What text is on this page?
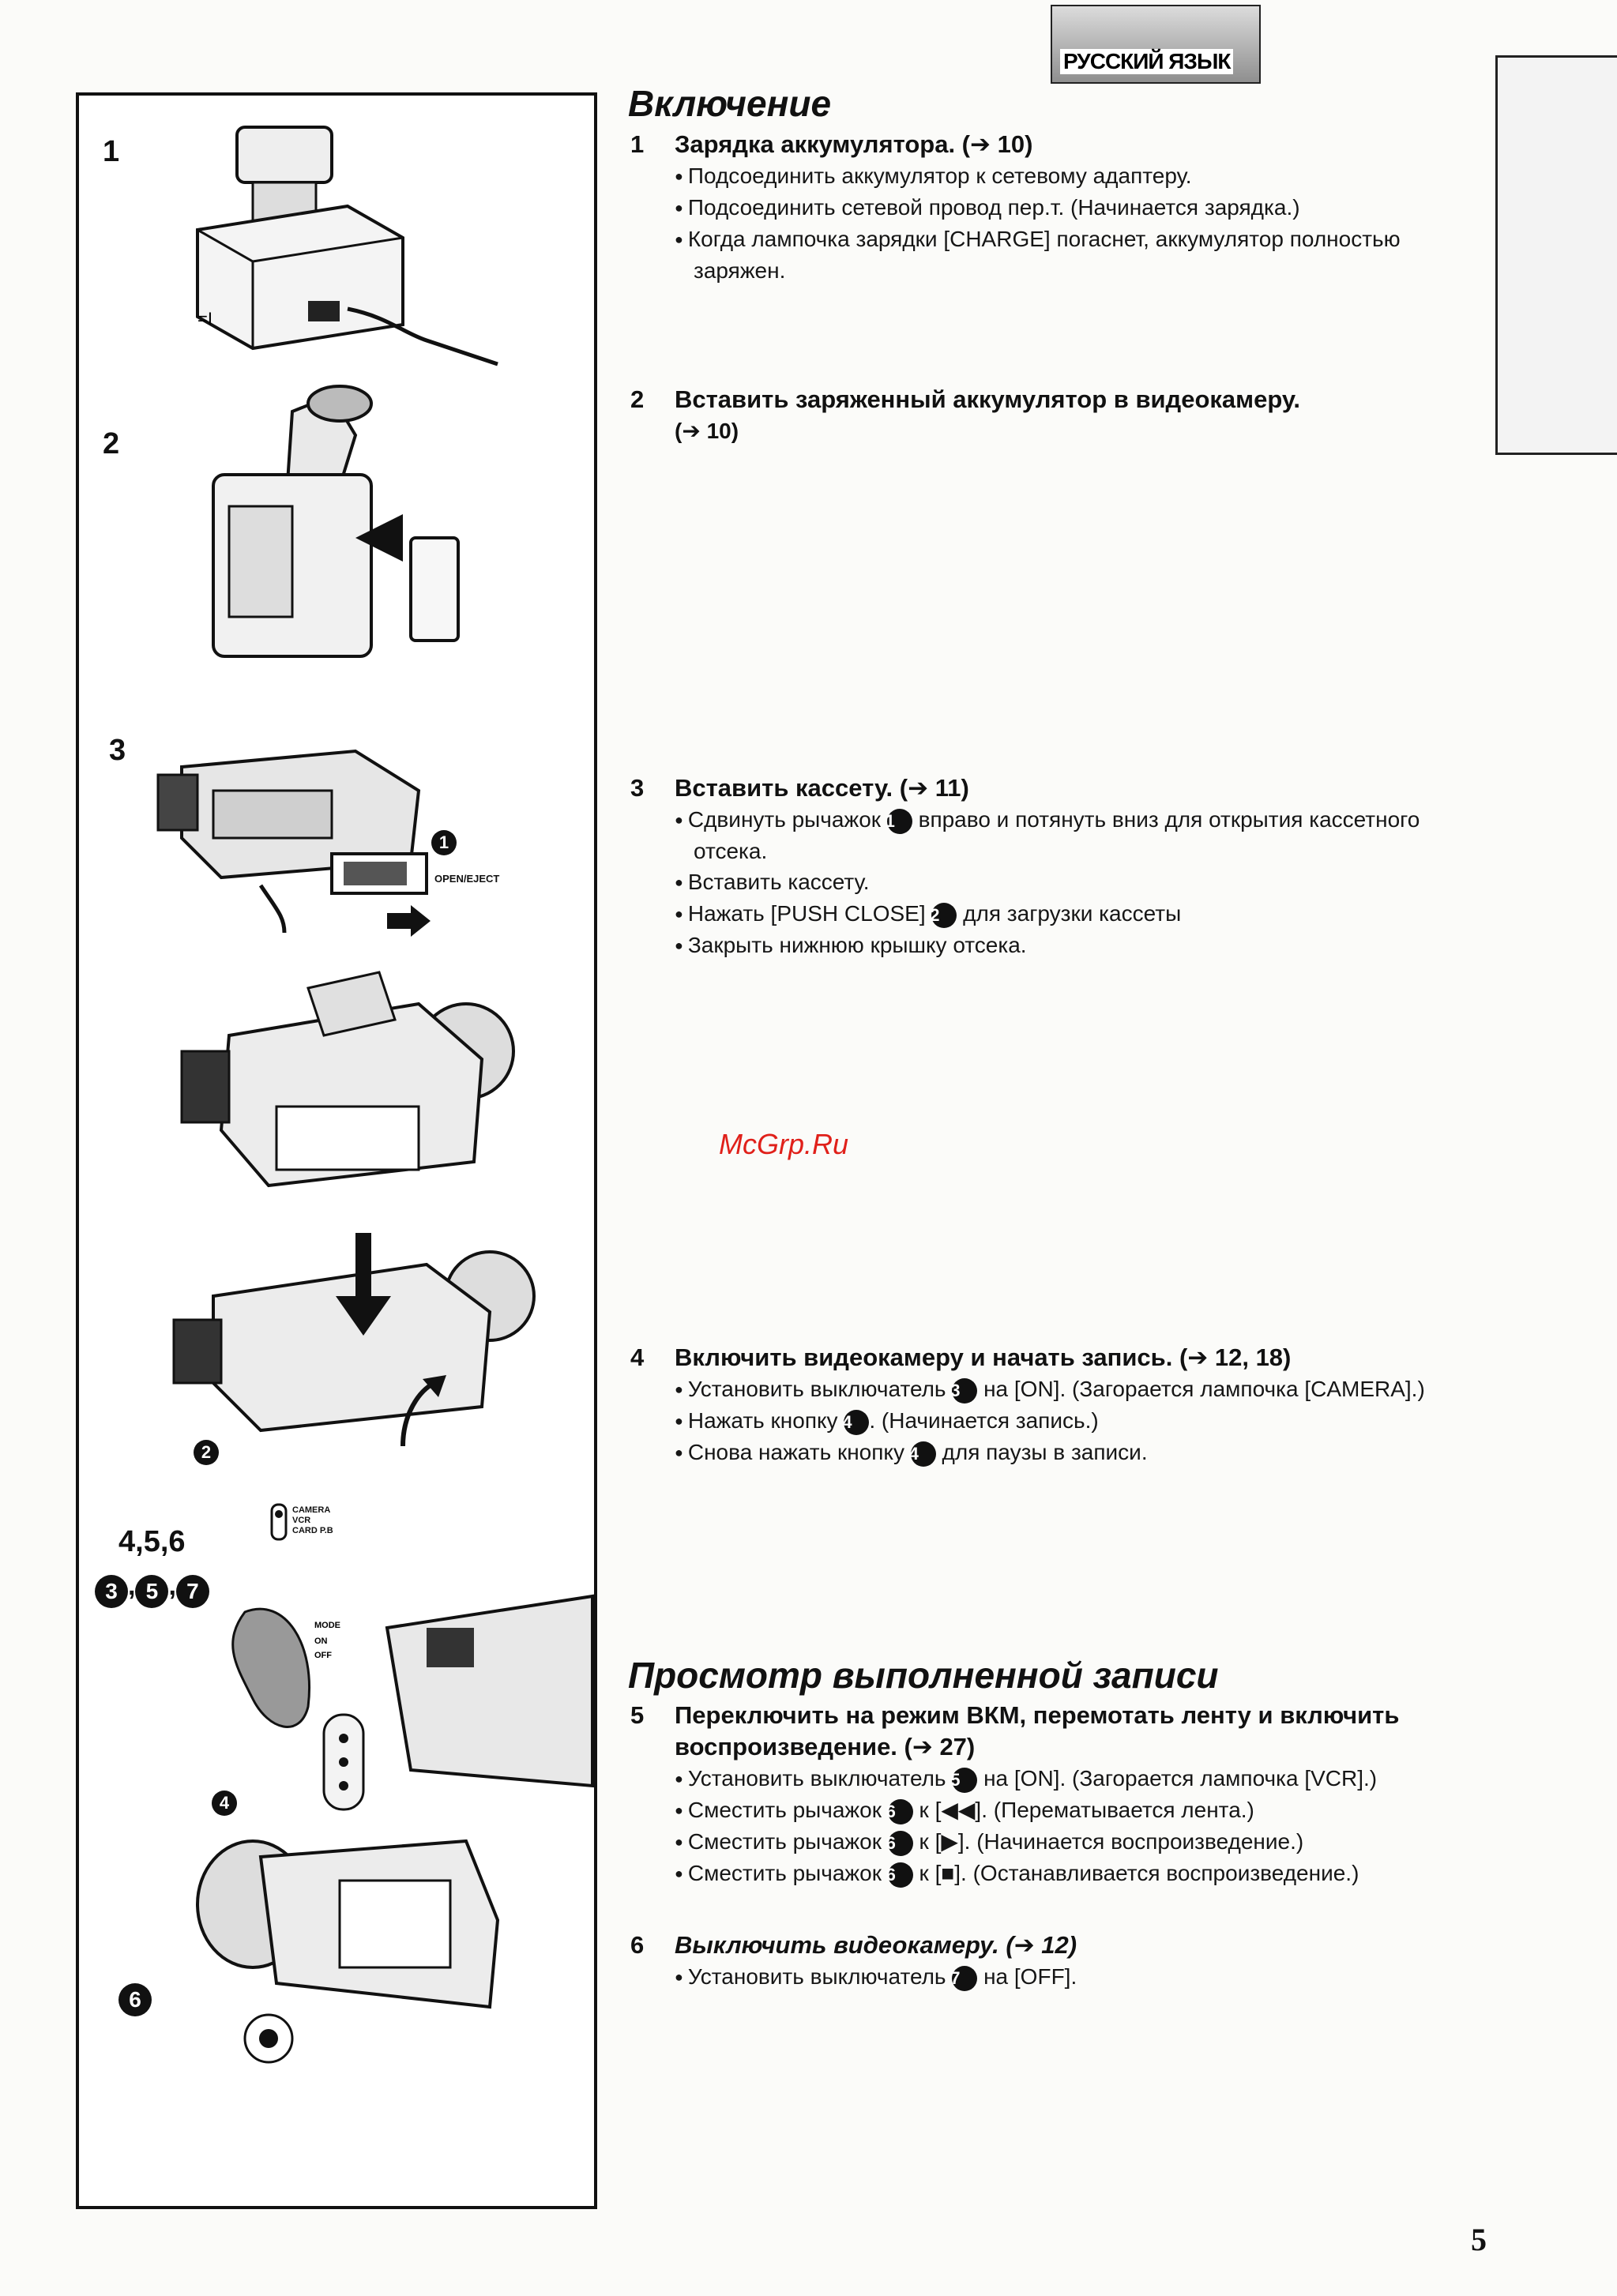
РУССКИЙ ЯЗЫК
1
2
3
4,5,6
3 , 5 , 7
=I
1
OPEN/EJECT
2
CAMERA
VCR
CARD P.B
MODE
ON
OFF
4
6
Включение
1 Зарядка аккумулятора. (➔ 10)
● Подсоединить аккумулятор к сетевому адаптеру.
● Подсоединить сетевой провод пер.т. (Начинается зарядка.)
● Когда лампочка зарядки [CHARGE] погаснет, аккумулятор полностью заряжен.
2 Вставить заряженный аккумулятор в видеокамеру.
(➔ 10)
3 Вставить кассету. (➔ 11)
● Сдвинуть рычажок 1 вправо и потянуть вниз для открытия кассетного отсека.
● Вставить кассету.
● Нажать [PUSH CLOSE] 2 для загрузки кассеты
● Закрыть нижнюю крышку отсека.
4 Включить видеокамеру и начать запись. (➔ 12, 18)
● Установить выключатель 3 на [ON]. (Загорается лампочка [CAMERA].)
● Нажать кнопку 4 . (Начинается запись.)
● Снова нажать кнопку 4 для паузы в записи.
McGrp.Ru
Просмотр выполненной записи
5 Переключить на режим ВКМ, перемотать ленту и включить воспроизведение. (➔ 27)
● Установить выключатель 5 на [ON]. (Загорается лампочка [VCR].)
● Сместить рычажок 6 к [◀◀]. (Перематывается лента.)
● Сместить рычажок 6 к [▶]. (Начинается воспроизведение.)
● Сместить рычажок 6 к [■]. (Останавливается воспроизведение.)
6 Выключить видеокамеру. (➔ 12)
● Установить выключатель 7 на [OFF].
5
